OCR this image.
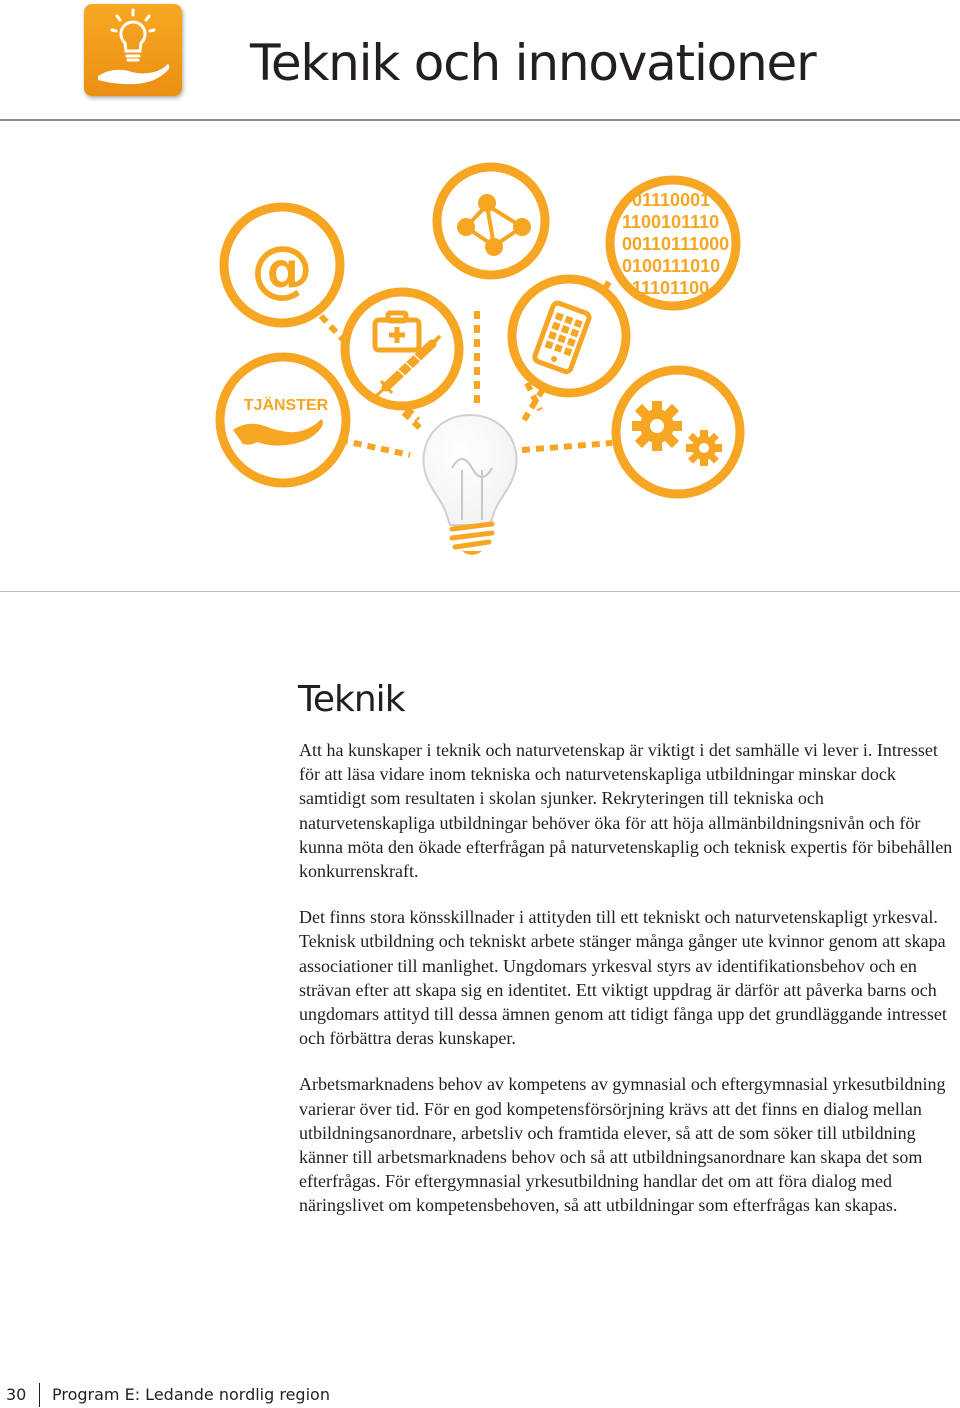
Teknik och innovationer
@
01110001
1100101110
00110111000
0100111010
11101100
TJÄNSTER
Teknik

Att ha kunskaper i teknik och naturvetenskap är viktigt i det samhälle vi lever i. Intresset för att läsa vidare inom tekniska och naturvetenskapliga utbildningar minskar dock samtidigt som resultaten i skolan sjunker. Rekryteringen till tekniska och naturvetenskapliga utbildningar behöver öka för att höja allmänbildningsnivån och för kunna möta den ökade efterfrågan på naturvetenskaplig och teknisk expertis för bibehållen konkurrenskraft.

Det finns stora könsskillnader i attityden till ett tekniskt och naturvetenskapligt yrkesval. Teknisk utbildning och tekniskt arbete stänger många gånger ute kvinnor genom att skapa associationer till manlighet. Ungdomars yrkesval styrs av identifikationsbehov och en strävan efter att skapa sig en identitet. Ett viktigt uppdrag är därför att påverka barns och ungdomars attityd till dessa ämnen genom att tidigt fånga upp det grundläggande intresset och förbättra deras kunskaper.

Arbetsmarknadens behov av kompetens av gymnasial och eftergymnasial yrkesutbildning varierar över tid. För en god kompetensförsörjning krävs att det finns en dialog mellan utbildningsanordnare, arbetsliv och framtida elever, så att de som söker till utbildning känner till arbetsmarknadens behov och så att utbildningsanordnare kan skapa det som efterfrågas. För eftergymnasial yrkesutbildning handlar det om att föra dialog med näringslivet om kompetensbehoven, så att utbildningar som efterfrågas kan skapas.

30 Program E: Ledande nordlig region
